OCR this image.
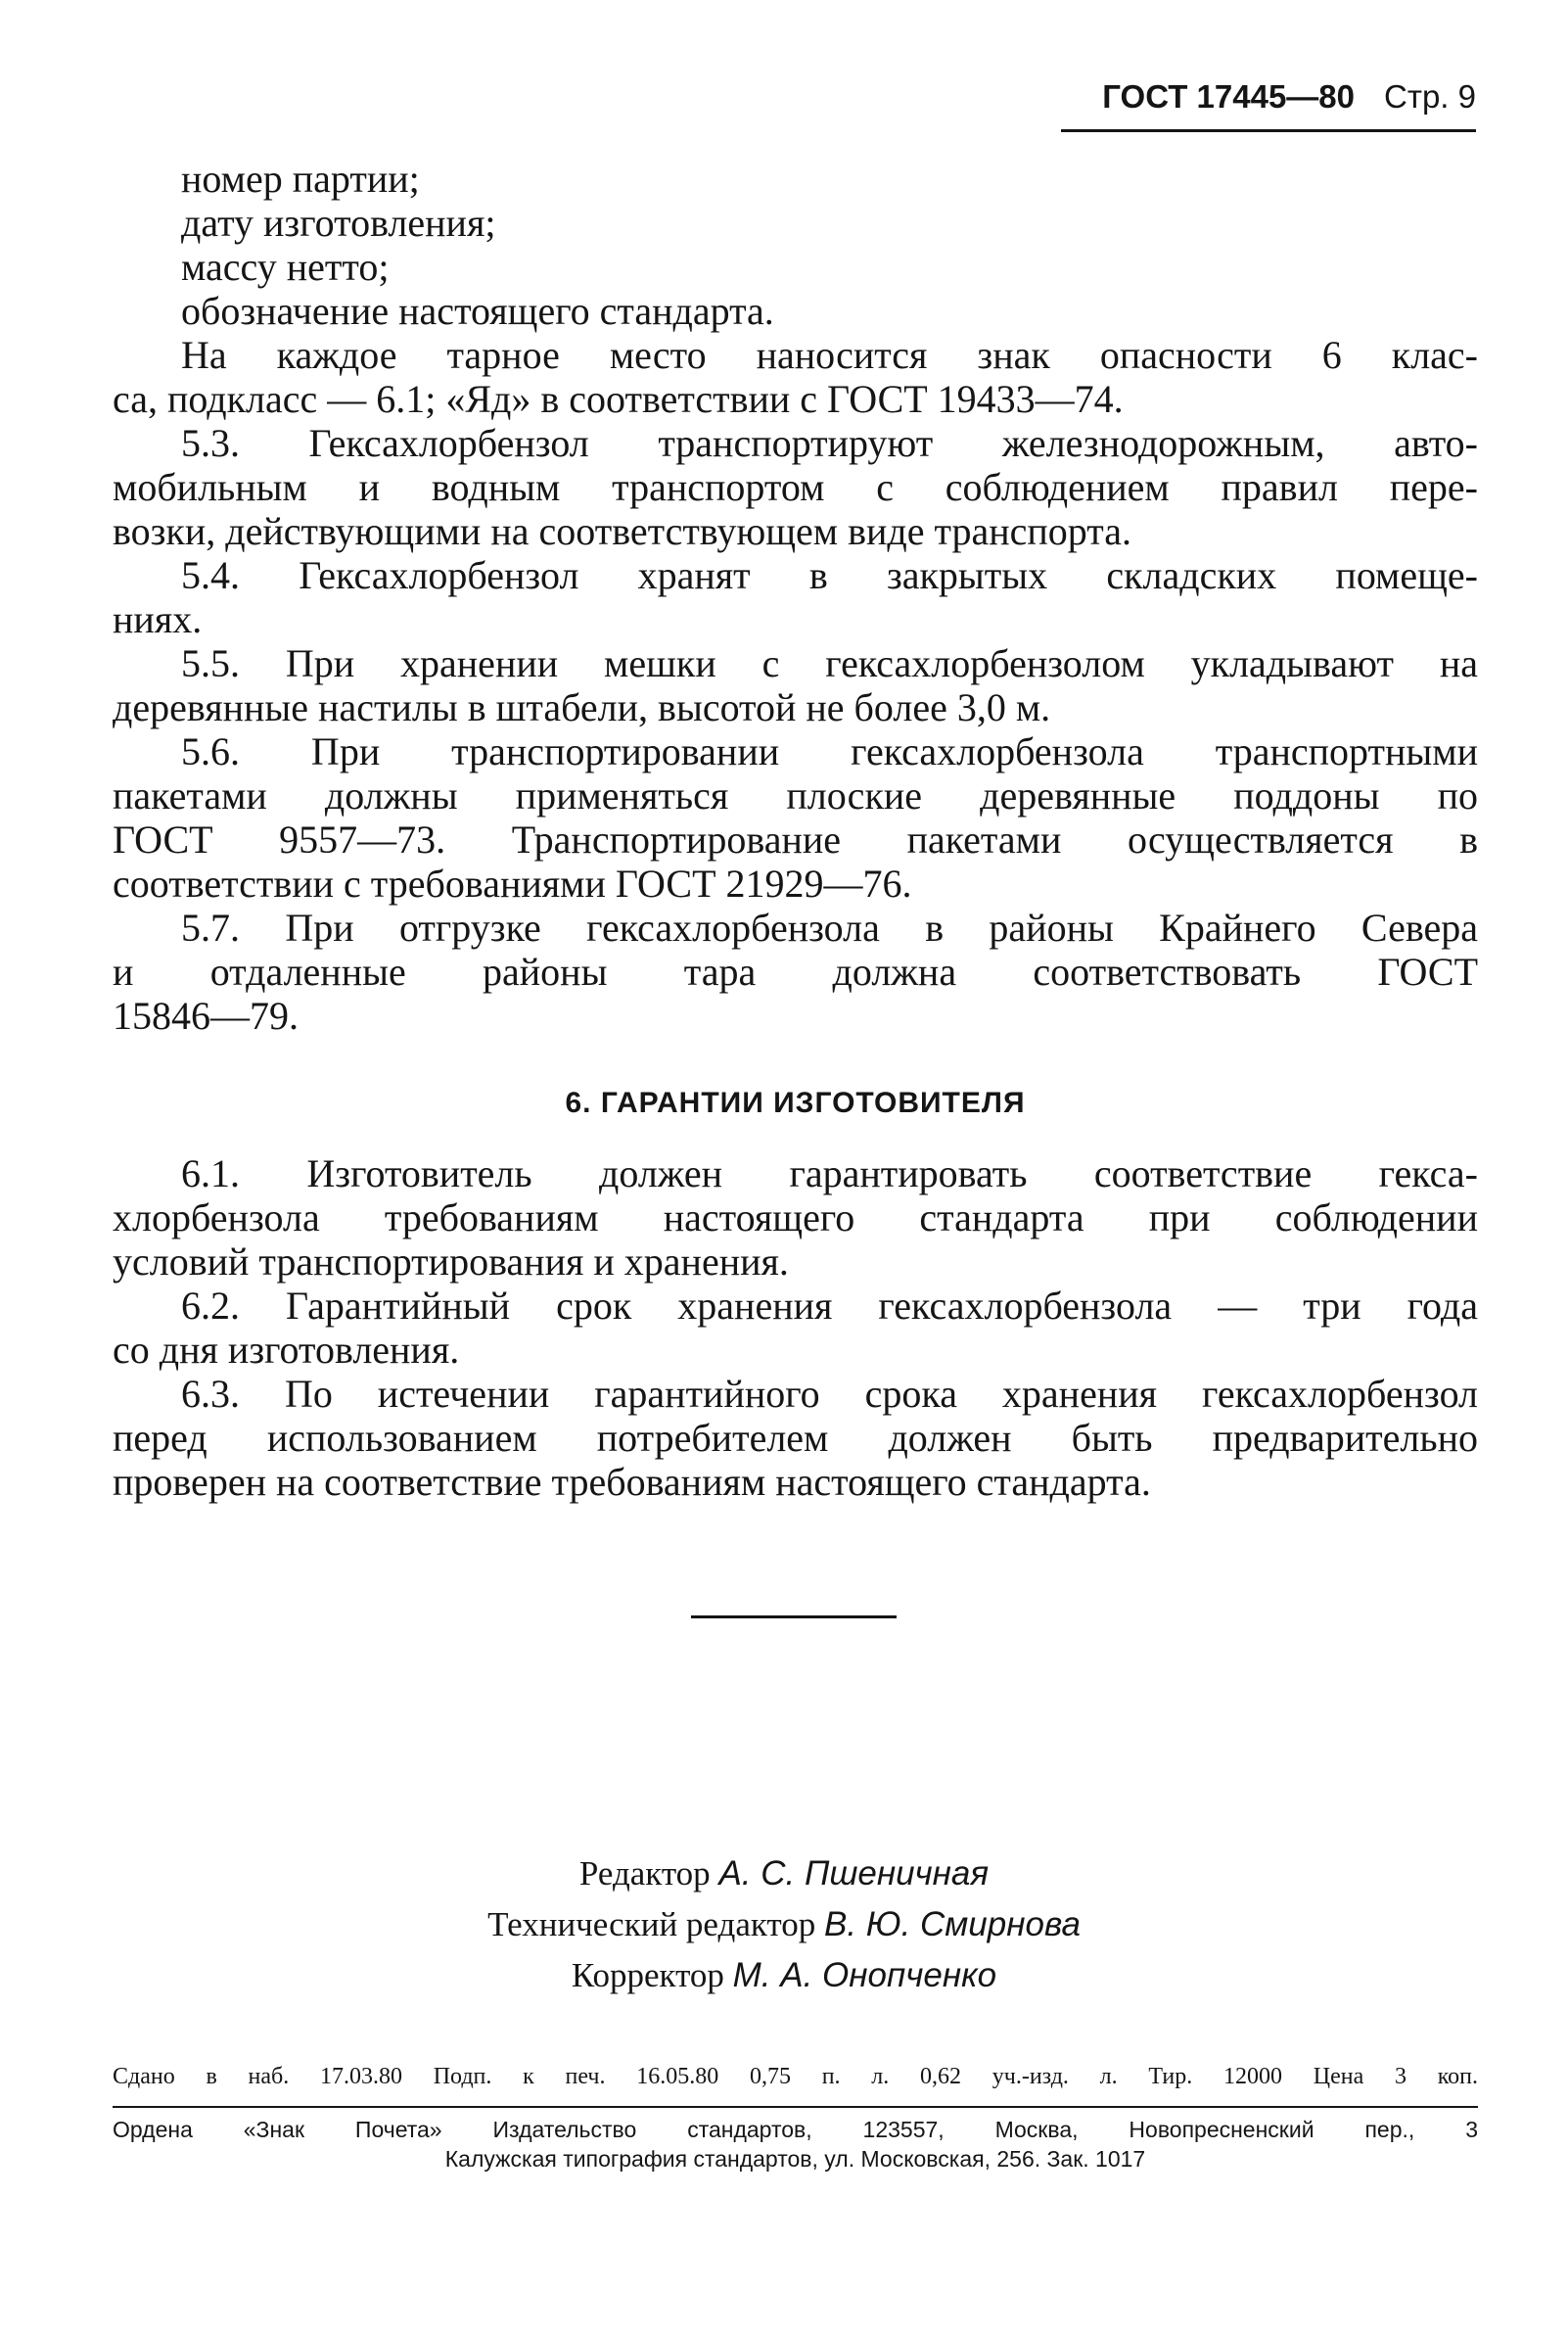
ГОСТ 17445—80 Стр. 9
номер партии;
дату изготовления;
массу нетто;
обозначение настоящего стандарта.
На каждое тарное место наносится знак опасности 6 клас-
са, подкласс — 6.1; «Яд» в соответствии с ГОСТ 19433—74.
5.3. Гексахлорбензол транспортируют железнодорожным, авто-
мобильным и водным транспортом с соблюдением правил пере-
возки, действующими на соответствующем виде транспорта.
5.4. Гексахлорбензол хранят в закрытых складских помеще-
ниях.
5.5. При хранении мешки с гексахлорбензолом укладывают на
деревянные настилы в штабели, высотой не более 3,0 м.
5.6. При транспортировании гексахлорбензола транспортными
пакетами должны применяться плоские деревянные поддоны по
ГОСТ 9557—73. Транспортирование пакетами осуществляется в
соответствии с требованиями ГОСТ 21929—76.
5.7. При отгрузке гексахлорбензола в районы Крайнего Севера
и отдаленные районы тара должна соответствовать ГОСТ
15846—79.
6. ГАРАНТИИ ИЗГОТОВИТЕЛЯ
6.1. Изготовитель должен гарантировать соответствие гекса-
хлорбензола требованиям настоящего стандарта при соблюдении
условий транспортирования и хранения.
6.2. Гарантийный срок хранения гексахлорбензола — три года
со дня изготовления.
6.3. По истечении гарантийного срока хранения гексахлорбензол
перед использованием потребителем должен быть предварительно
проверен на соответствие требованиям настоящего стандарта.
Редактор А. С. Пшеничная
Технический редактор В. Ю. Смирнова
Корректор М. А. Онопченко
Сдано в наб. 17.03.80 Подп. к печ. 16.05.80 0,75 п. л. 0,62 уч.-изд. л. Тир. 12000 Цена 3 коп.
Ордена «Знак Почета» Издательство стандартов, 123557, Москва, Новопресненский пер., 3
Калужская типография стандартов, ул. Московская, 256. Зак. 1017
